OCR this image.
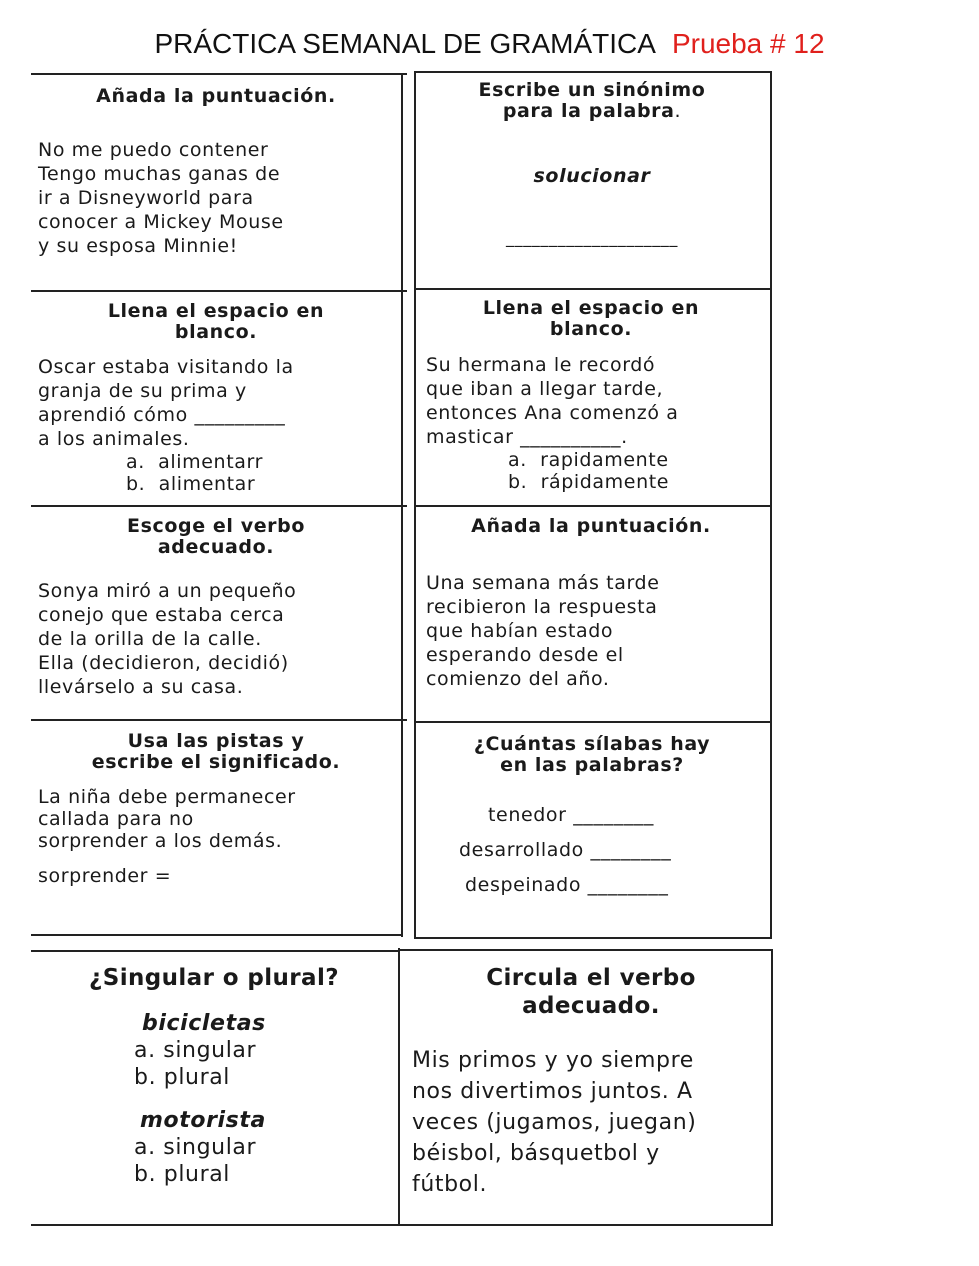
PRÁCTICA SEMANAL DE GRAMÁTICA Prueba # 12
Añada la puntuación.
No me puedo contener
Tengo muchas ganas de
ir a Disneyworld para
conocer a Mickey Mouse
y su esposa Minnie!
Escribe un sinónimo
para la palabra.
solucionar
____________________
Llena el espacio en
blanco.
Oscar estaba visitando la
granja de su prima y
aprendió cómo _________
a los animales.
a.  alimentarr
b.  alimentar
Llena el espacio en
blanco.
Su hermana le recordó
que iban a llegar tarde,
entonces Ana comenzó a
masticar __________.
a.  rapidamente
b.  rápidamente
Escoge el verbo
adecuado.
Sonya miró a un pequeño
conejo que estaba cerca
de la orilla de la calle.
Ella (decidieron, decidió)
llevárselo a su casa.
Añada la puntuación.
Una semana más tarde
recibieron la respuesta
que habían estado
esperando desde el
comienzo del año.
Usa las pistas y
escribe el significado.
La niña debe permanecer
callada para no
sorprender a los demás.
sorprender =
¿Cuántas sílabas hay
en las palabras?
tenedor ________
desarrollado ________
despeinado ________
¿Singular o plural?
bicicletas
a. singular
b. plural
motorista
a. singular
b. plural
Circula el verbo
adecuado.
Mis primos y yo siempre
nos divertimos juntos. A
veces (jugamos, juegan)
béisbol, básquetbol y
fútbol.
